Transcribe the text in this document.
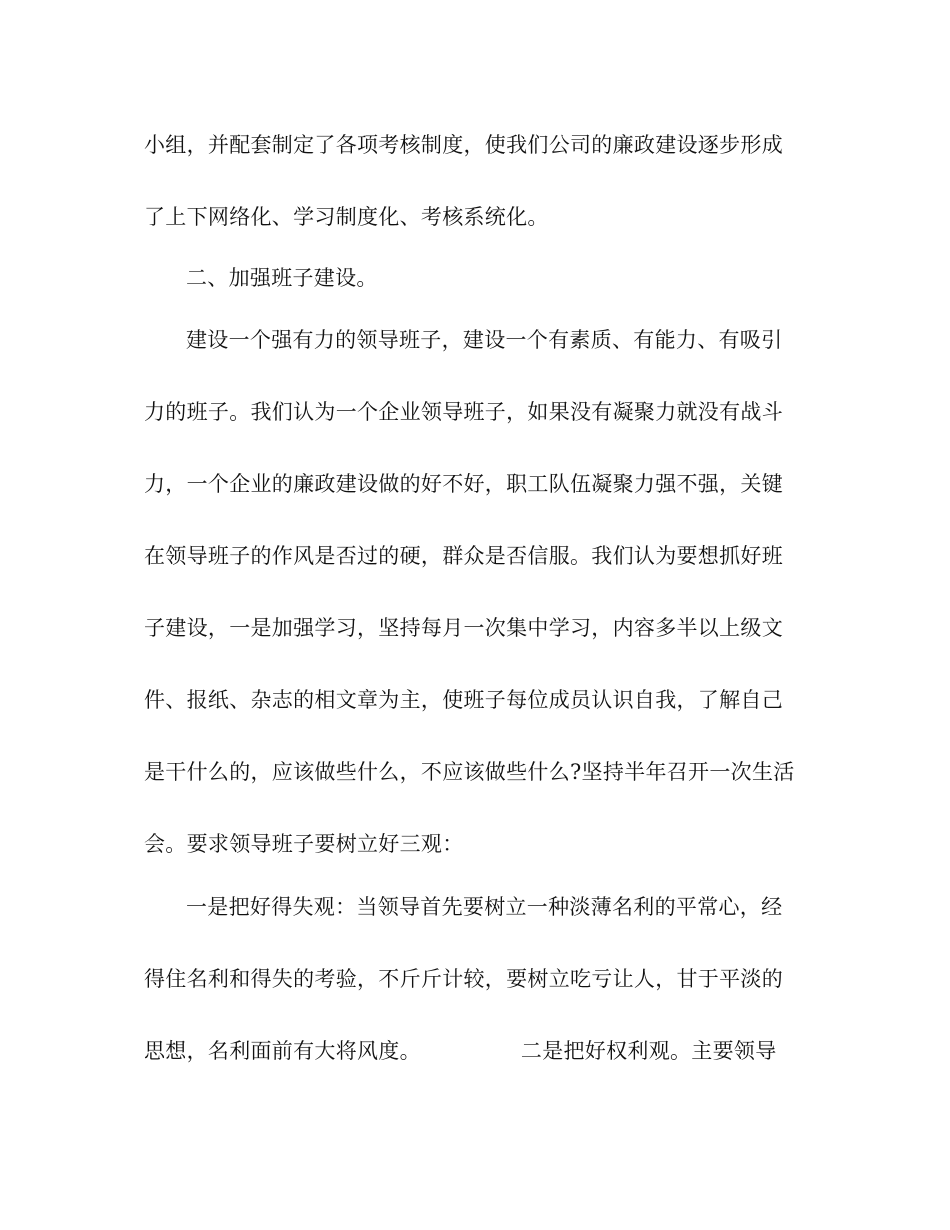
小组，并配套制定了各项考核制度，使我们公司的廉政建设逐步形成
了上下网络化、学习制度化、考核系统化。
二、加强班子建设。
建设一个强有力的领导班子，建设一个有素质、有能力、有吸引
力的班子。我们认为一个企业领导班子，如果没有凝聚力就没有战斗
力，一个企业的廉政建设做的好不好，职工队伍凝聚力强不强，关键
在领导班子的作风是否过的硬，群众是否信服。我们认为要想抓好班
子建设，一是加强学习，坚持每月一次集中学习，内容多半以上级文
件、报纸、杂志的相文章为主，使班子每位成员认识自我，了解自己
是干什么的，应该做些什么，不应该做些什么?坚持半年召开一次生活
会。要求领导班子要树立好三观：
一是把好得失观：当领导首先要树立一种淡薄名利的平常心，经
得住名利和得失的考验，不斤斤计较，要树立吃亏让人，甘于平淡的
思想，名利面前有大将风度。	二是把好权利观。主要领导
